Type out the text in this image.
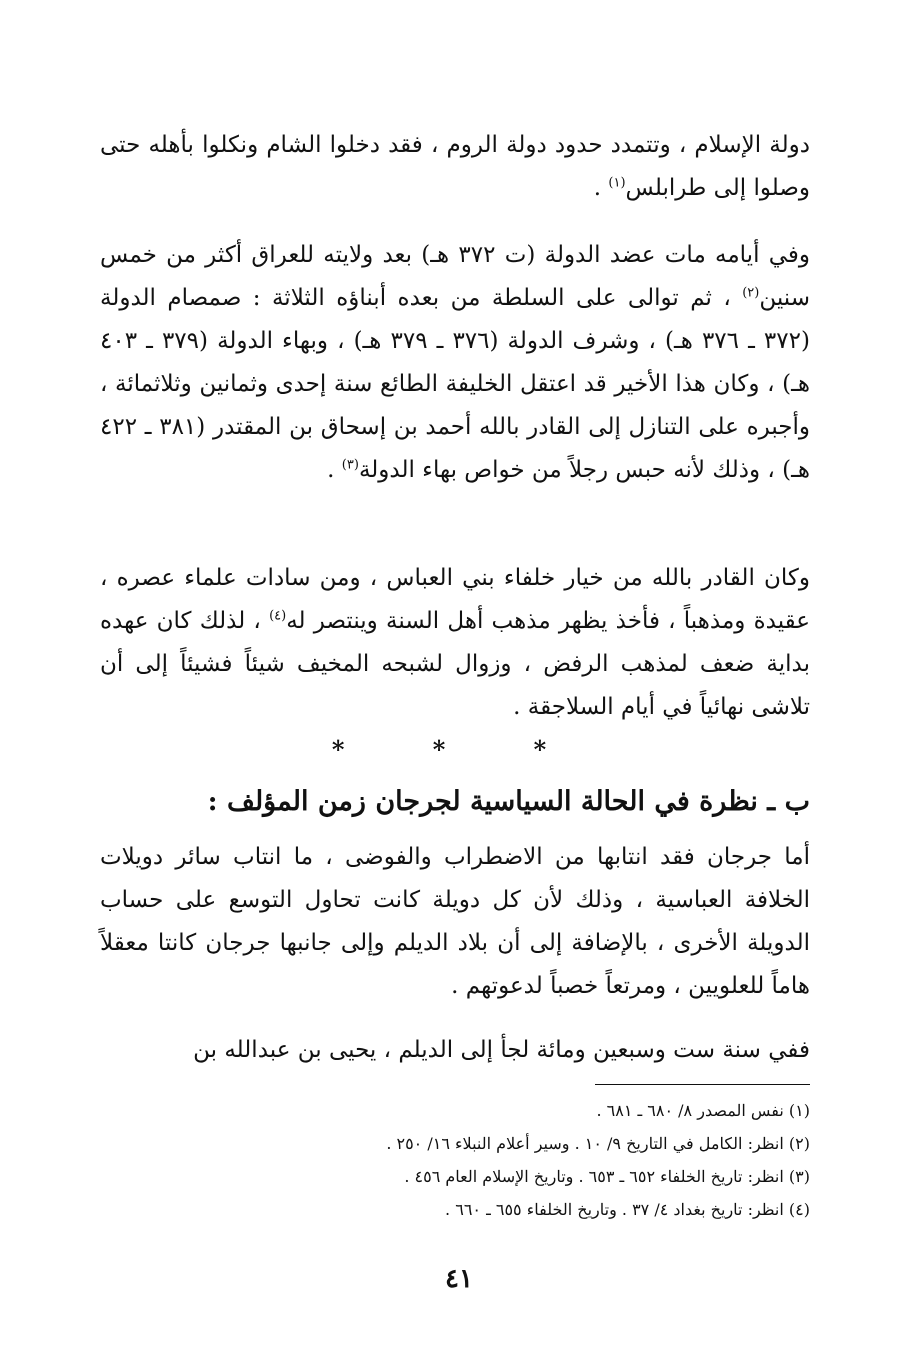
دولة الإسلام ، وتتمدد حدود دولة الروم ، فقد دخلوا الشام ونكلوا بأهله حتى وصلوا إلى طرابلس$^{(١)}$ .

وفي أيامه مات عضد الدولة (ت ٣٧٢ هـ) بعد ولايته للعراق أكثر من خمس سنين$^{(٢)}$ ، ثم توالى على السلطة من بعده أبناؤه الثلاثة : صمصام الدولة (٣٧٢ ـ ٣٧٦ هـ) ، وشرف الدولة (٣٧٦ ـ ٣٧٩ هـ) ، وبهاء الدولة (٣٧٩ ـ ٤٠٣ هـ) ، وكان هذا الأخير قد اعتقل الخليفة الطائع سنة إحدى وثمانين وثلاثمائة ، وأجبره على التنازل إلى القادر بالله أحمد بن إسحاق بن المقتدر (٣٨١ ـ ٤٢٢ هـ) ، وذلك لأنه حبس رجلاً من خواص بهاء الدولة$^{(٣)}$ .

وكان القادر بالله من خيار خلفاء بني العباس ، ومن سادات علماء عصره ، عقيدة ومذهباً ، فأخذ يظهر مذهب أهل السنة وينتصر له$^{(٤)}$ ، لذلك كان عهده بداية ضعف لمذهب الرفض ، وزوال لشبحه المخيف شيئاً فشيئاً إلى أن تلاشى نهائياً في أيام السلاجقة .

* * *
ب ـ نظرة في الحالة السياسية لجرجان زمن المؤلف :

أما جرجان فقد انتابها من الاضطراب والفوضى ، ما انتاب سائر دويلات الخلافة العباسية ، وذلك لأن كل دويلة كانت تحاول التوسع على حساب الدويلة الأخرى ، بالإضافة إلى أن بلاد الديلم وإلى جانبها جرجان كانتا معقلاً هاماً للعلويين ، ومرتعاً خصباً لدعوتهم .

ففي سنة ست وسبعين ومائة لجأ إلى الديلم ، يحيى بن عبدالله بن

(١) نفس المصدر ٨/ ٦٨٠ ـ ٦٨١ .

(٢) انظر: الكامل في التاريخ ٩/ ١٠ . وسير أعلام النبلاء ١٦/ ٢٥٠ .

(٣) انظر: تاريخ الخلفاء ٦٥٢ ـ ٦٥٣ . وتاريخ الإسلام العام ٤٥٦ .

(٤) انظر: تاريخ بغداد ٤/ ٣٧ . وتاريخ الخلفاء ٦٥٥ ـ ٦٦٠ .

٤١
